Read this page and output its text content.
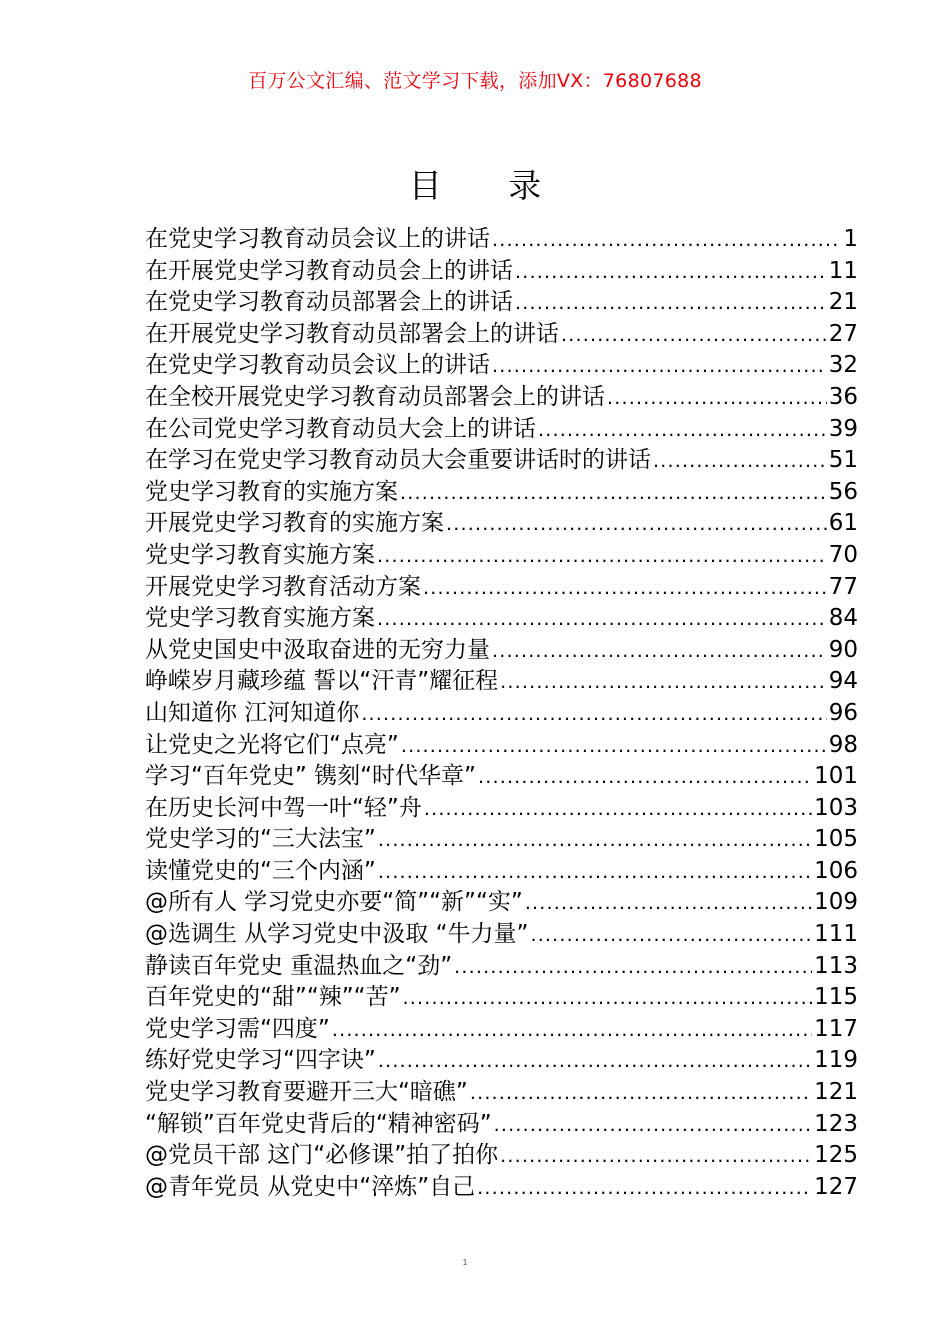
百万公文汇编、范文学习下载，添加VX：76807688
目 录
在党史学习教育动员会议上的讲话 .....	1
在开展党史学习教育动员会上的讲话 .....	11
在党史学习教育动员部署会上的讲话 .....	21
在开展党史学习教育动员部署会上的讲话 .....	27
在党史学习教育动员会议上的讲话 .....	32
在全校开展党史学习教育动员部署会上的讲话 .....	36
在公司党史学习教育动员大会上的讲话 .....	39
在学习在党史学习教育动员大会重要讲话时的讲话 .....	51
党史学习教育的实施方案 .....	56
开展党史学习教育的实施方案 .....	61
党史学习教育实施方案 .....	70
开展党史学习教育活动方案 .....	77
党史学习教育实施方案 .....	84
从党史国史中汲取奋进的无穷力量 .....	90
峥嵘岁月藏珍蕴 誓以“汗青”耀征程 .....	94
山知道你 江河知道你 .....	96
让党史之光将它们“点亮” .....	98
学习“百年党史” 镌刻“时代华章” .....	101
在历史长河中驾一叶“轻”舟 .....	103
党史学习的“三大法宝” .....	105
读懂党史的“三个内涵” .....	106
@所有人 学习党史亦要“简”“新”“实” .....	109
@选调生 从学习党史中汲取 “牛力量” .....	111
静读百年党史 重温热血之“劲” .....	113
百年党史的“甜”“辣”“苦” .....	115
党史学习需“四度” .....	117
练好党史学习“四字诀” .....	119
党史学习教育要避开三大“暗礁” .....	121
“解锁”百年党史背后的“精神密码” .....	123
@党员干部 这门“必修课”拍了拍你 .....	125
@青年党员 从党史中“淬炼”自己 .....	127
1
